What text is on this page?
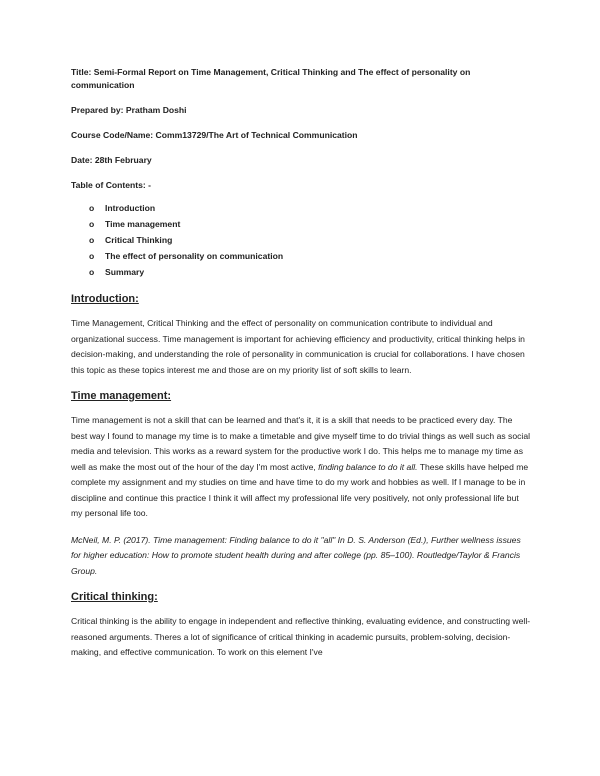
Title: Semi-Formal Report on Time Management, Critical Thinking and The effect of personality on communication
Prepared by: Pratham Doshi
Course Code/Name: Comm13729/The Art of Technical Communication
Date: 28th February
Table of Contents: -
o Introduction
o Time management
o Critical Thinking
o The effect of personality on communication
o Summary
Introduction:

Time Management, Critical Thinking and the effect of personality on communication contribute to individual and organizational success. Time management is important for achieving efficiency and productivity, critical thinking helps in decision-making, and understanding the role of personality in communication is crucial for collaborations. I have chosen this topic as these topics interest me and those are on my priority list of soft skills to learn.

Time management:

Time management is not a skill that can be learned and that's it, it is a skill that needs to be practiced every day. The best way I found to manage my time is to make a timetable and give myself time to do trivial things as well such as social media and television. This works as a reward system for the productive work I do. This helps me to manage my time as well as make the most out of the hour of the day I'm most active, finding balance to do it all. These skills have helped me complete my assignment and my studies on time and have time to do my work and hobbies as well. If I manage to be in discipline and continue this practice I think it will affect my professional life very positively, not only professional life but my personal life too.

McNeil, M. P. (2017). Time management: Finding balance to do it "all" In D. S. Anderson (Ed.), Further wellness issues for higher education: How to promote student health during and after college (pp. 85–100). Routledge/Taylor & Francis Group.

Critical thinking:

Critical thinking is the ability to engage in independent and reflective thinking, evaluating evidence, and constructing well-reasoned arguments. Theres a lot of significance of critical thinking in academic pursuits, problem-solving, decision-making, and effective communication. To work on this element I've
